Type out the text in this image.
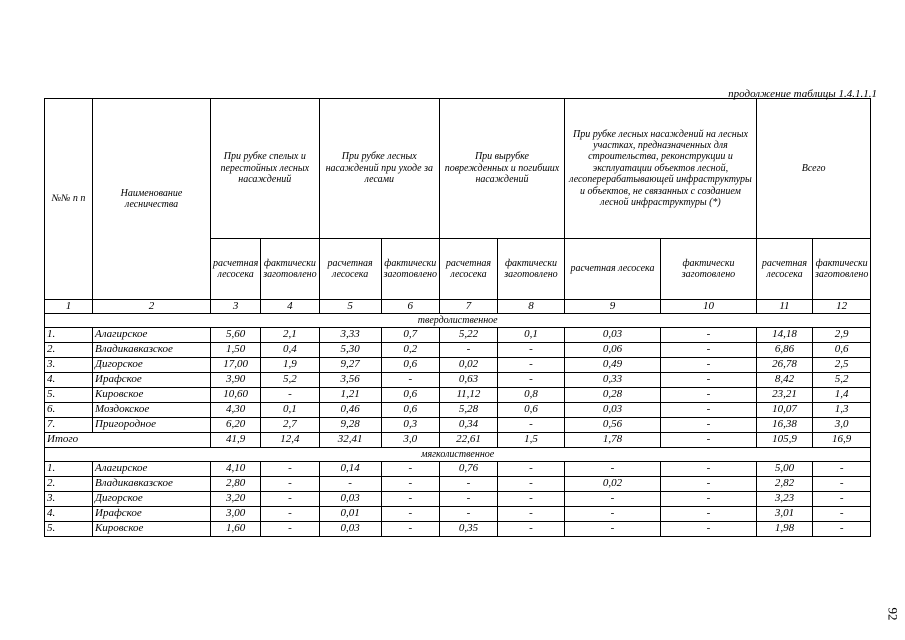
продолжение таблицы 1.4.1.1.1
№№ п п	Наименование лесничества	При рубке спелых и перестойных лесных насаждений		При рубке лесных насаждений при уходе за лесами		При вырубке поврежденных и погибших насаждений		При рубке лесных насаждений на лесных участках, предназначенных для строительства, реконструкции и эксплуатации объектов лесной, лесоперерабатывающей инфраструктуры и объектов, не связанных с созданием лесной инфраструктуры (*)		Всего	
		расчетная лесосека	фактически заготовлено	расчетная лесосека	фактически заготовлено	расчетная лесосека	фактически заготовлено	расчетная лесосека	фактически заготовлено	расчетная лесосека	фактически заготовлено
1	2	3	4	5	6	7	8	9	10	11	12
твердолиственное											
1.	Алагирское	5,60	2,1	3,33	0,7	5,22	0,1	0,03	-	14,18	2,9
2.	Владикавказское	1,50	0,4	5,30	0,2	-	-	0,06	-	6,86	0,6
3.	Дигорское	17,00	1,9	9,27	0,6	0,02	-	0,49	-	26,78	2,5
4.	Ирафское	3,90	5,2	3,56	-	0,63	-	0,33	-	8,42	5,2
5.	Кировское	10,60	-	1,21	0,6	11,12	0,8	0,28	-	23,21	1,4
6.	Моздокское	4,30	0,1	0,46	0,6	5,28	0,6	0,03	-	10,07	1,3
7.	Пригородное	6,20	2,7	9,28	0,3	0,34	-	0,56	-	16,38	3,0
Итого		41,9	12,4	32,41	3,0	22,61	1,5	1,78	-	105,9	16,9
мягколиственное											
1.	Алагирское	4,10	-	0,14	-	0,76	-	-	-	5,00	-
2.	Владикавказское	2,80	-	-	-	-	-	0,02	-	2,82	-
3.	Дигорское	3,20	-	0,03	-	-	-	-	-	3,23	-
4.	Ирафское	3,00	-	0,01	-	-	-	-	-	3,01	-
5.	Кировское	1,60	-	0,03	-	0,35	-	-	-	1,98	-
92
